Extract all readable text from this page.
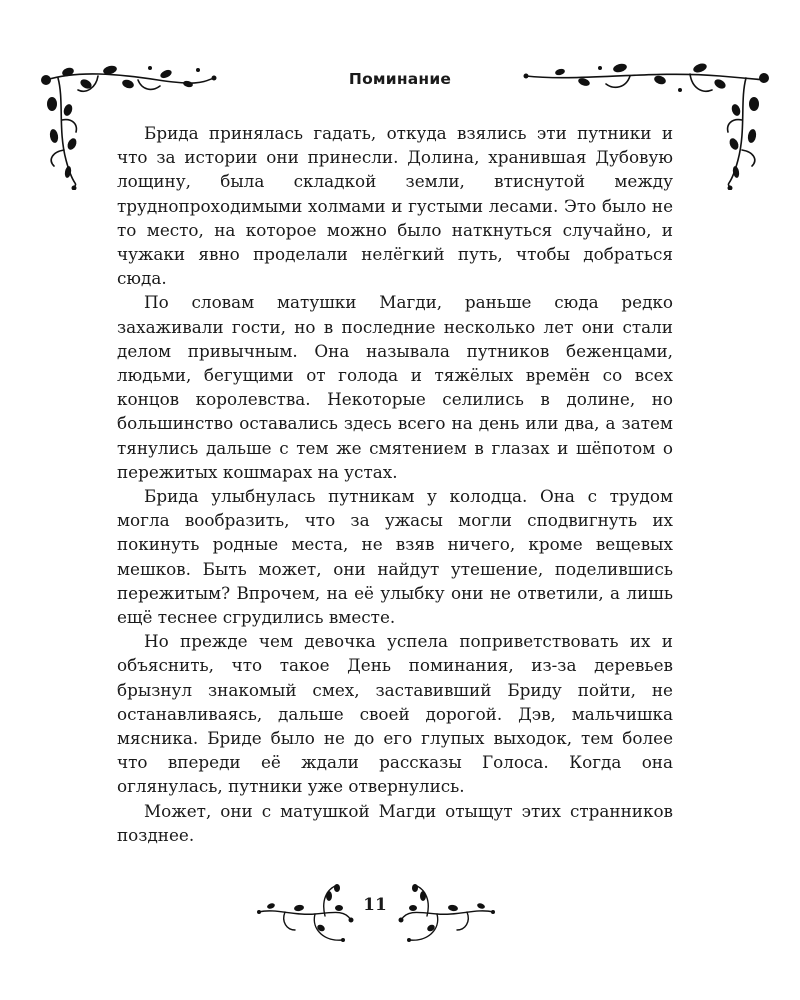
Поминание

Брида принялась гадать, откуда взялись эти путники и что за истории они принесли. Долина, хранившая Дубовую лощину, была складкой земли, втиснутой между труднопроходимыми холмами и густыми лесами. Это было не то место, на которое можно было наткнуться случайно, и чужаки явно проделали нелёгкий путь, чтобы добраться сюда.

По словам матушки Магди, раньше сюда редко захаживали гости, но в последние несколько лет они стали делом привычным. Она называла путников беженцами, людьми, бегущими от голода и тяжёлых времён со всех концов королевства. Некоторые селились в долине, но большинство оставались здесь всего на день или два, а затем тянулись дальше с тем же смятением в глазах и шёпотом о пережитых кошмарах на устах.

Брида улыбнулась путникам у колодца. Она с трудом могла вообразить, что за ужасы могли сподвигнуть их покинуть родные места, не взяв ничего, кроме вещевых мешков. Быть может, они найдут утешение, поделившись пережитым? Впрочем, на её улыбку они не ответили, а лишь ещё теснее сгрудились вместе.

Но прежде чем девочка успела поприветствовать их и объяснить, что такое День поминания, из-за деревьев брызнул знакомый смех, заставивший Бриду пойти, не останавливаясь, дальше своей дорогой. Дэв, мальчишка мясника. Бриде было не до его глупых выходок, тем более что впереди её ждали рассказы Голоса. Когда она оглянулась, путники уже отвернулись.

Может, они с матушкой Магди отыщут этих странников позднее.

11
